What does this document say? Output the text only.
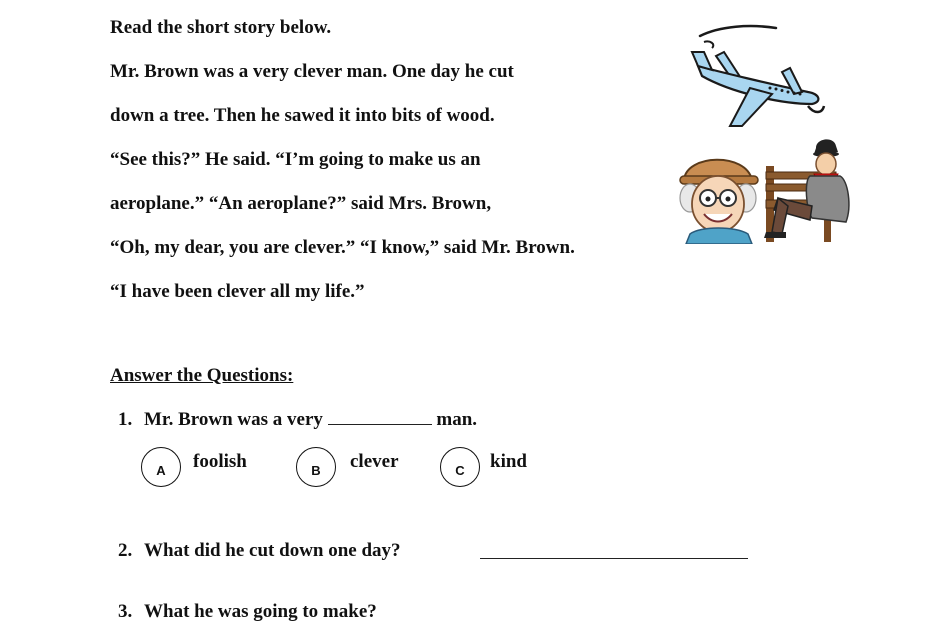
Read the short story below.
Mr. Brown was a very clever man. One day he cut
down a tree. Then he sawed it into bits of wood.
“See this?” He said. “I’m going to make us an
aeroplane.” “An aeroplane?” said Mrs. Brown,
“Oh, my dear, you are clever.” “I know,” said Mr. Brown.
“I have been clever all my life.”
Answer the Questions:
1. Mr. Brown was a very	man.
A	foolish	B	clever	C	kind
2. What did he cut down one day?
3. What he was going to make?
